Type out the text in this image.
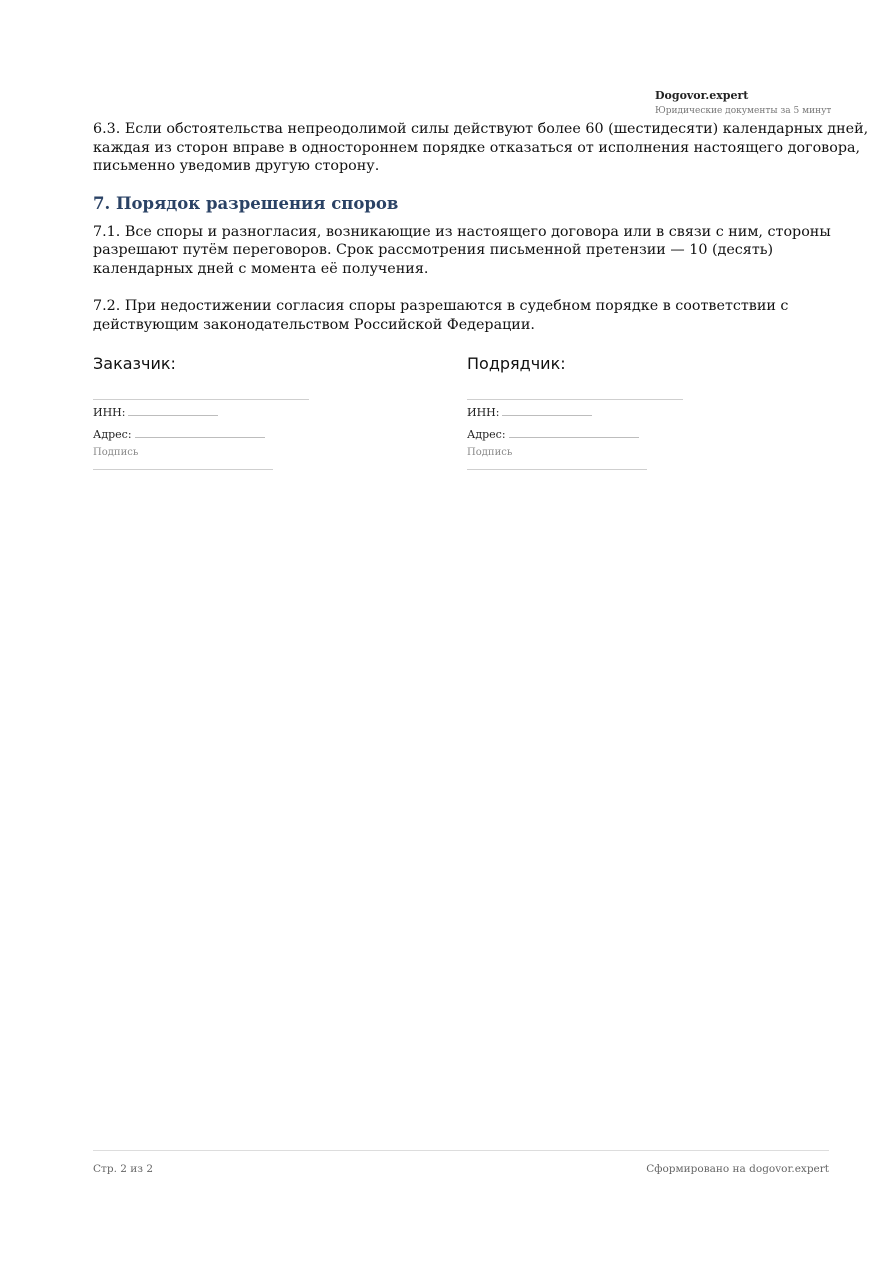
Dogovor.expert
Юридические документы за 5 минут

6.3. Если обстоятельства непреодолимой силы действуют более 60 (шестидесяти) календарных дней, каждая из сторон вправе в одностороннем порядке отказаться от исполнения настоящего договора, письменно уведомив другую сторону.

7. Порядок разрешения споров

7.1. Все споры и разногласия, возникающие из настоящего договора или в связи с ним, стороны разрешают путём переговоров. Срок рассмотрения письменной претензии — 10 (десять) календарных дней с момента её получения.

7.2. При недостижении согласия споры разрешаются в судебном порядке в соответствии с действующим законодательством Российской Федерации.

Заказчик:
ИНН:
Адрес:
Подпись
Подрядчик:
ИНН:
Адрес:
Подпись
Стр. 2 из 2	Сформировано на dogovor.expert
